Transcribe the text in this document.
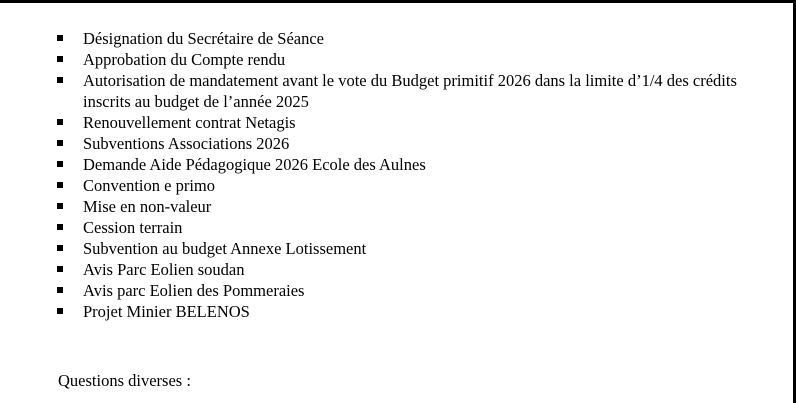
Désignation du Secrétaire de Séance
Approbation du Compte rendu
Autorisation de mandatement avant le vote du Budget primitif 2026 dans la limite d’1/4 des crédits inscrits au budget de l’année 2025
Renouvellement contrat Netagis
Subventions Associations 2026
Demande Aide Pédagogique 2026 Ecole des Aulnes
Convention e primo
Mise en non-valeur
Cession terrain
Subvention au budget Annexe Lotissement
Avis Parc Eolien soudan
Avis parc Eolien des Pommeraies
Projet Minier BELENOS
Questions diverses :
